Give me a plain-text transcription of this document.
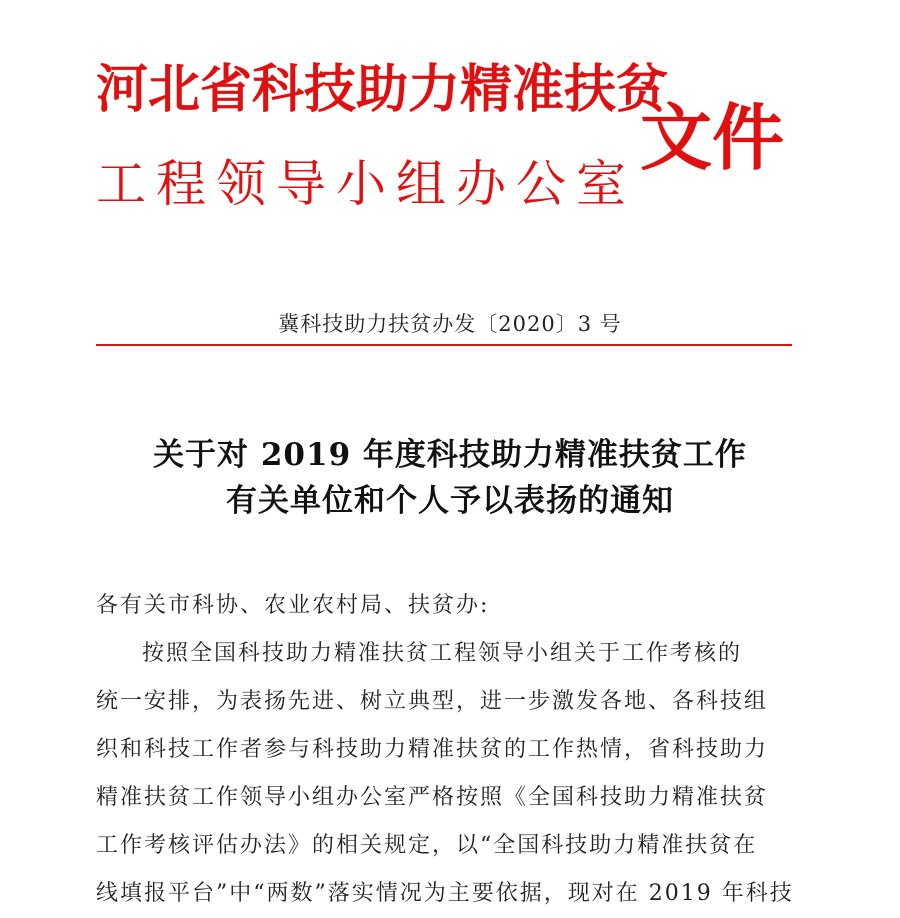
河北省科技助力精准扶贫
工程领导小组办公室
文件
冀科技助力扶贫办发〔2020〕3 号
关于对 2019 年度科技助力精准扶贫工作
有关单位和个人予以表扬的通知
各有关市科协、农业农村局、扶贫办:
按照全国科技助力精准扶贫工程领导小组关于工作考核的
统一安排，为表扬先进、树立典型，进一步激发各地、各科技组
织和科技工作者参与科技助力精准扶贫的工作热情，省科技助力
精准扶贫工作领导小组办公室严格按照《全国科技助力精准扶贫
工作考核评估办法》的相关规定，以“全国科技助力精准扶贫在
线填报平台”中“两数”落实情况为主要依据，现对在 2019 年科技
